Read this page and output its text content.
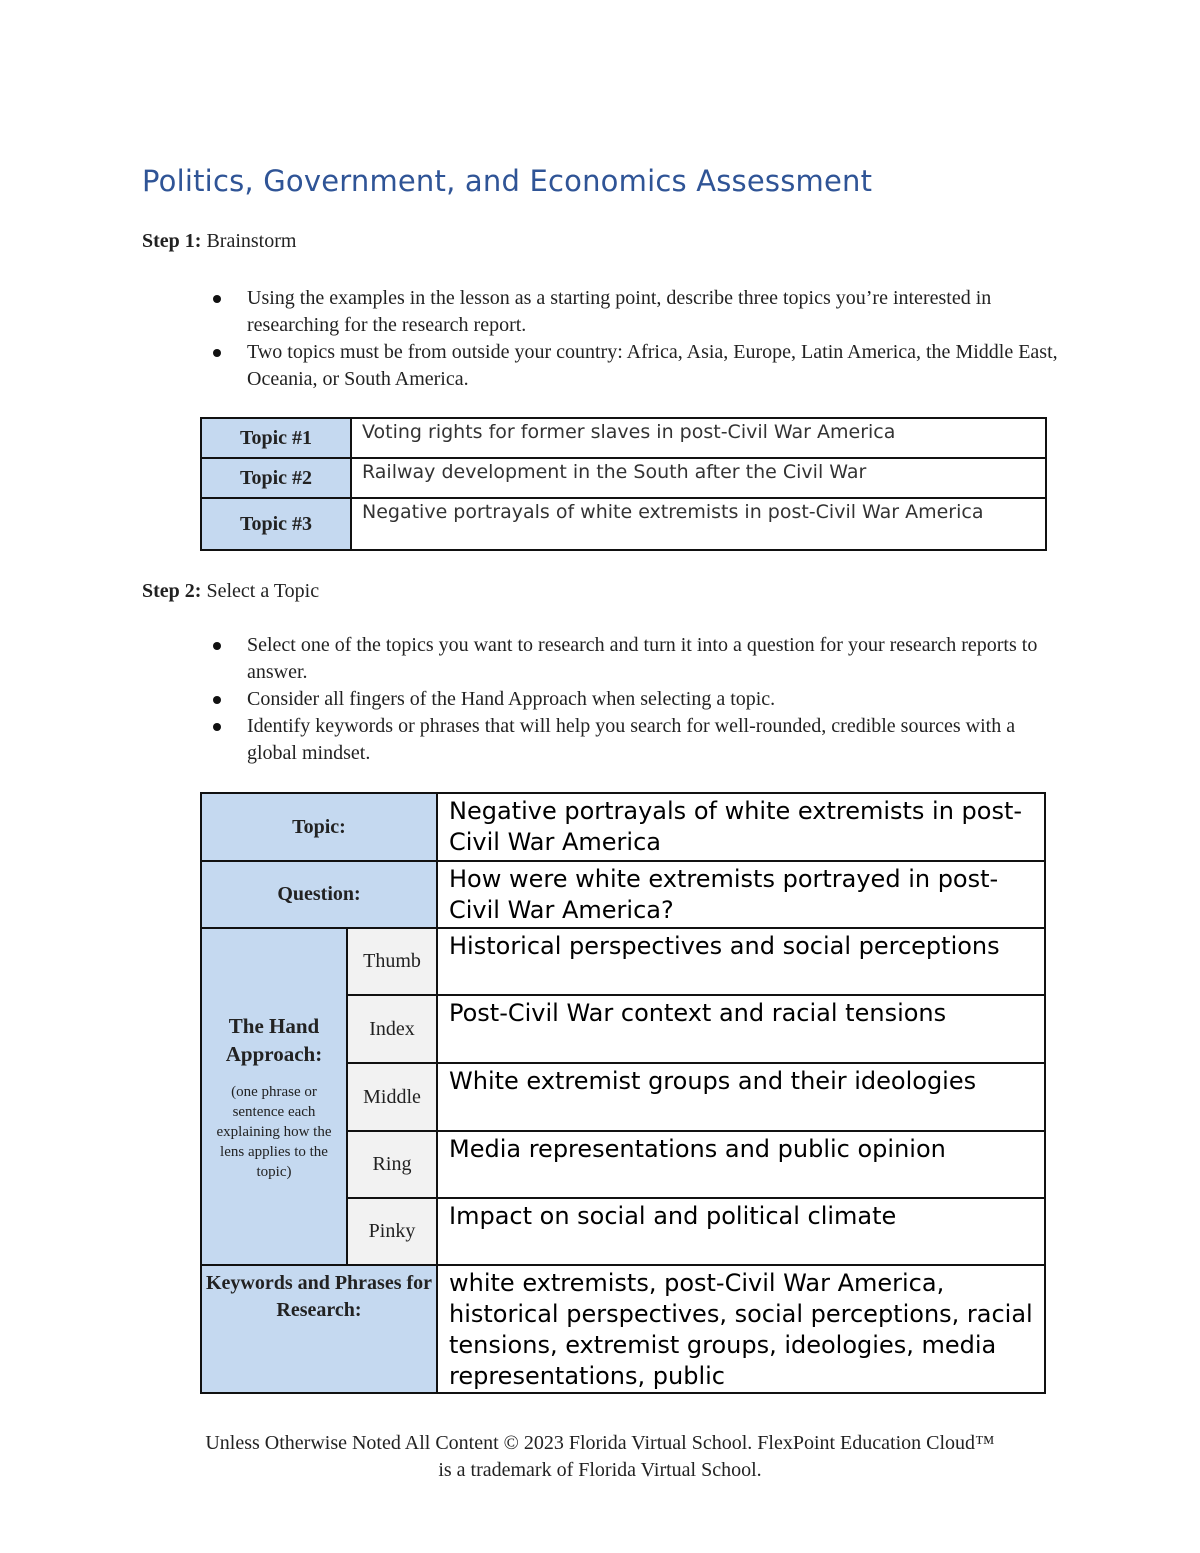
Politics, Government, and Economics Assessment
Step 1: Brainstorm
Using the examples in the lesson as a starting point, describe three topics you’re interested in researching for the research report.
Two topics must be from outside your country: Africa, Asia, Europe, Latin America, the Middle East, Oceania, or South America.
Topic #1	Voting rights for former slaves in post-Civil War America
Topic #2	Railway development in the South after the Civil War
Topic #3	Negative portrayals of white extremists in post-Civil War America
Step 2: Select a Topic
Select one of the topics you want to research and turn it into a question for your research reports to answer.
Consider all fingers of the Hand Approach when selecting a topic.
Identify keywords or phrases that will help you search for well-rounded, credible sources with a global mindset.
Topic:		Negative portrayals of white extremists in post-Civil War America
Question:		How were white extremists portrayed in post-Civil War America?

The Hand Approach:
(one phrase or sentence each explaining how the lens applies to the topic)	Thumb	Historical perspectives and social perceptions
	Index	Post-Civil War context and racial tensions
	Middle	White extremist groups and their ideologies
	Ring	Media representations and public opinion
	Pinky	Impact on social and political climate
Keywords and Phrases for Research:		white extremists, post-Civil War America, historical perspectives, social perceptions, racial tensions, extremist groups, ideologies, media representations, public
Unless Otherwise Noted All Content © 2023 Florida Virtual School. FlexPoint Education Cloud™ is a trademark of Florida Virtual School.
